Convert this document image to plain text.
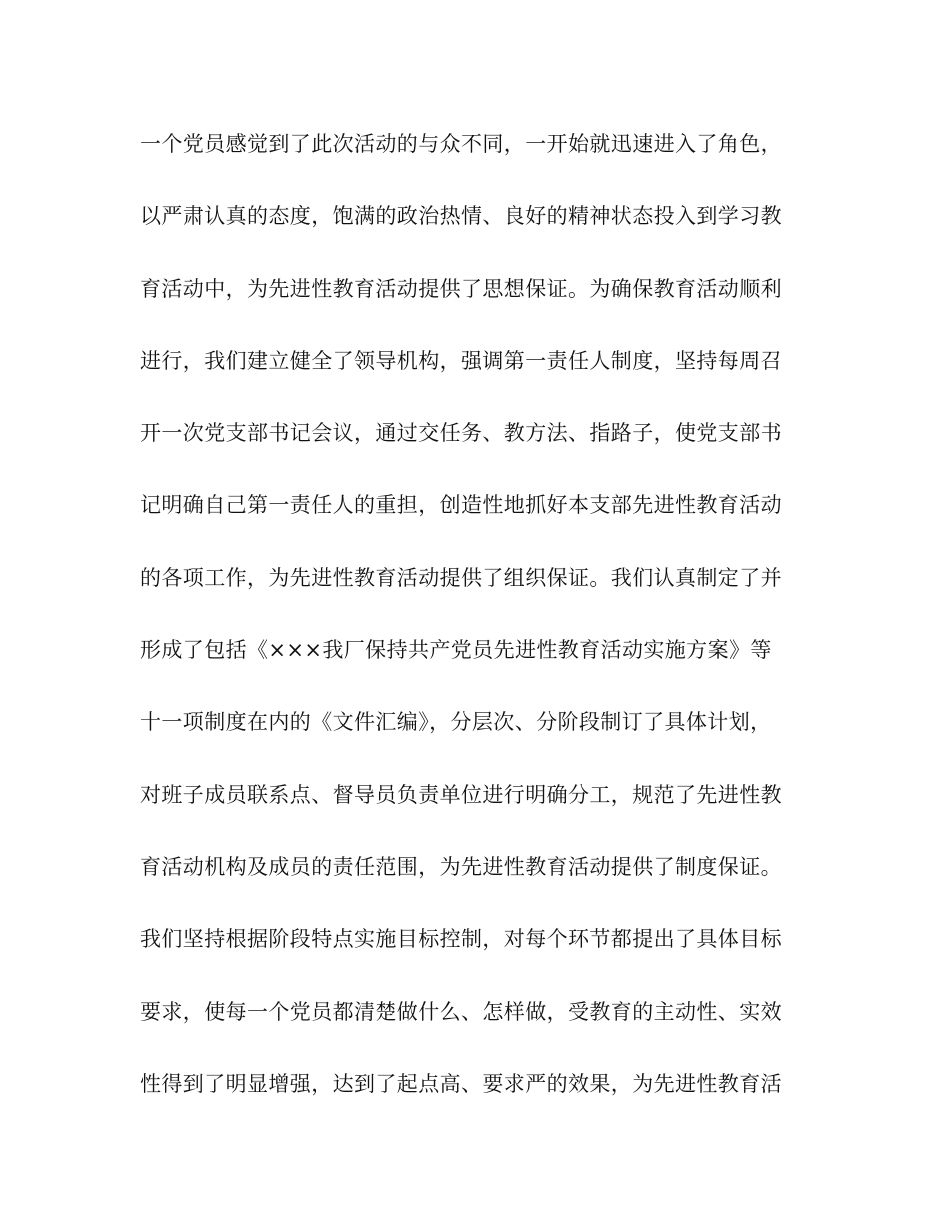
一个党员感觉到了此次活动的与众不同，一开始就迅速进入了角色，
以严肃认真的态度，饱满的政治热情、良好的精神状态投入到学习教
育活动中，为先进性教育活动提供了思想保证。为确保教育活动顺利
进行，我们建立健全了领导机构，强调第一责任人制度，坚持每周召
开一次党支部书记会议，通过交任务、教方法、指路子，使党支部书
记明确自己第一责任人的重担，创造性地抓好本支部先进性教育活动
的各项工作，为先进性教育活动提供了组织保证。我们认真制定了并
形成了包括《×××我厂保持共产党员先进性教育活动实施方案》等
十一项制度在内的《文件汇编》，分层次、分阶段制订了具体计划，
对班子成员联系点、督导员负责单位进行明确分工，规范了先进性教
育活动机构及成员的责任范围，为先进性教育活动提供了制度保证。
我们坚持根据阶段特点实施目标控制，对每个环节都提出了具体目标
要求，使每一个党员都清楚做什么、怎样做，受教育的主动性、实效
性得到了明显增强，达到了起点高、要求严的效果，为先进性教育活
